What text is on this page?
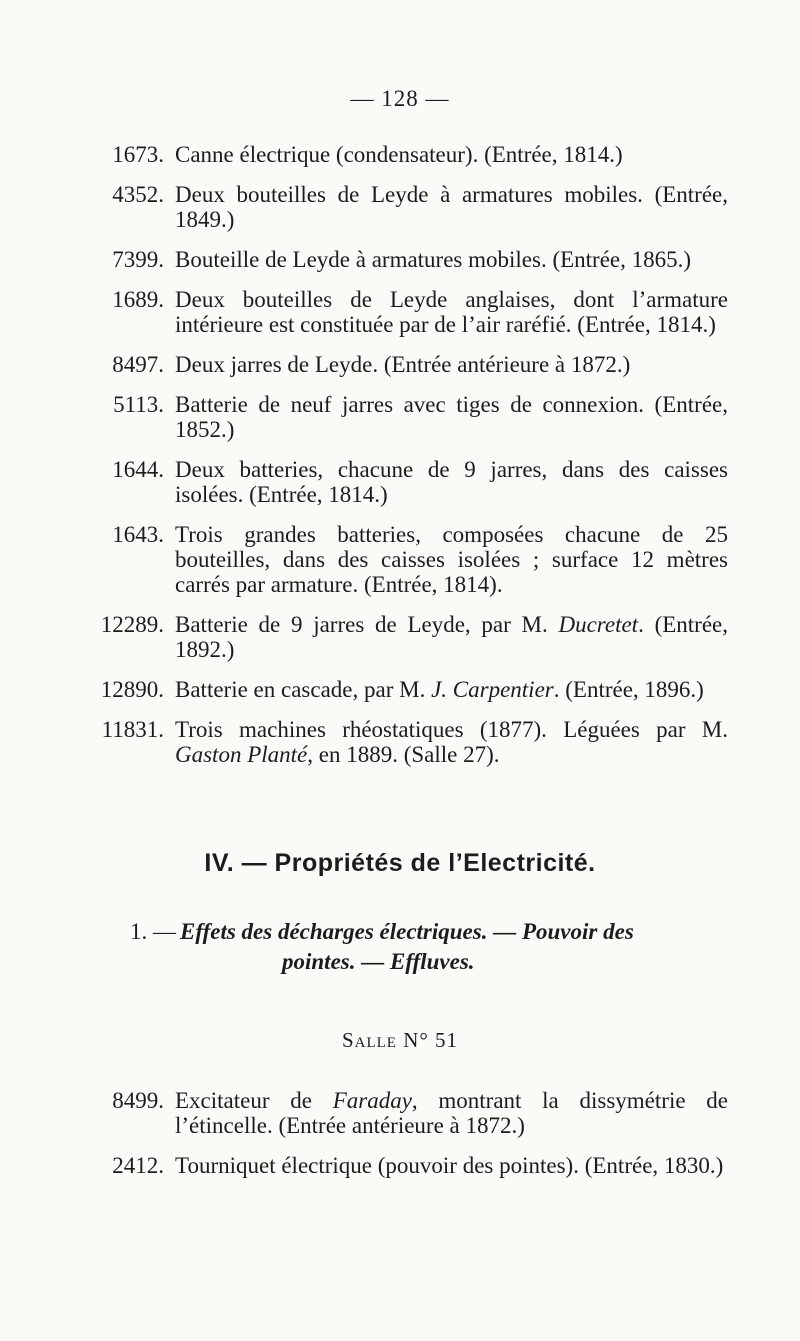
— 128 —
1673 . Canne électrique (condensateur). (Entrée, 1814.)
4352 . Deux bouteilles de Leyde à armatures mobiles. (Entrée, 1849.)
7399 . Bouteille de Leyde à armatures mobiles. (Entrée, 1865.)
1689 . Deux bouteilles de Leyde anglaises, dont l’armature intérieure est constituée par de l’air raréfié. (Entrée, 1814.)
8497 . Deux jarres de Leyde. (Entrée antérieure à 1872.)
5113 . Batterie de neuf jarres avec tiges de connexion. (Entrée, 1852.)
1644 . Deux batteries, chacune de 9 jarres, dans des caisses isolées. (Entrée, 1814.)
1643 . Trois grandes batteries, composées chacune de 25 bouteilles, dans des caisses isolées ; surface 12 mètres carrés par armature. (Entrée, 1814).
12289 . Batterie de 9 jarres de Leyde, par M. Ducretet. (Entrée, 1892.)
12890 . Batterie en cascade, par M. J. Carpentier. (Entrée, 1896.)
11831 . Trois machines rhéostatiques (1877). Léguées par M. Gaston Planté, en 1889. (Salle 27).
IV. — Propriétés de l’Electricité.
1. — Effets des décharges électriques. — Pouvoir des
pointes. — Effluves.
Salle N° 51
8499 . Excitateur de Faraday, montrant la dissymétrie de l’étincelle. (Entrée antérieure à 1872.)
2412 . Tourniquet électrique (pouvoir des pointes). (Entrée, 1830.)
